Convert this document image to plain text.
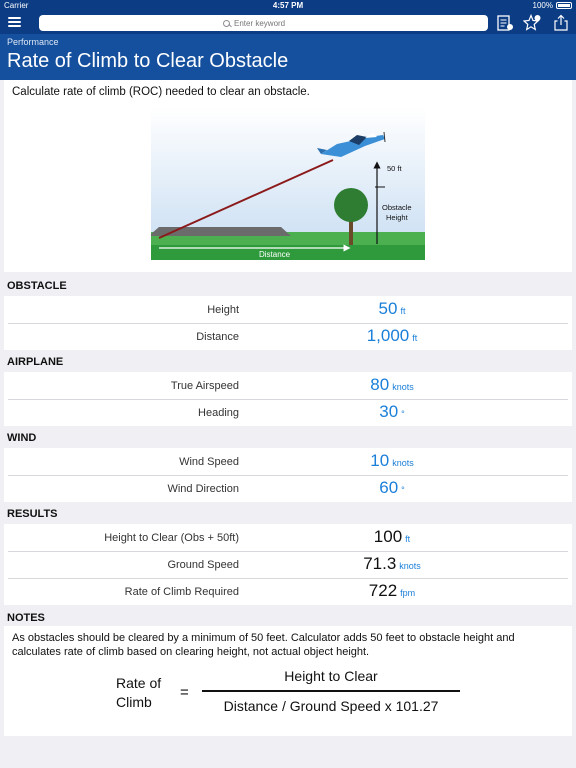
Carrier	4:57 PM	100%
Enter keyword
Performance
Rate of Climb to Clear Obstacle
Calculate rate of climb (ROC) needed to clear an obstacle.
50 ft
Obstacle
Height
Distance
OBSTACLE
Height	50 ft
Distance	1,000 ft
AIRPLANE
True Airspeed	80 knots
Heading	30 °
WIND
Wind Speed	10 knots
Wind Direction	60 °
RESULTS
Height to Clear (Obs + 50ft)	100 ft
Ground Speed	71.3 knots
Rate of Climb Required	722 fpm
NOTES
As obstacles should be cleared by a minimum of 50 feet. Calculator adds 50 feet to obstacle height and calculates rate of climb based on clearing height, not actual object height.
Rate of
Climb
=
Height to Clear
Distance / Ground Speed x 101.27
